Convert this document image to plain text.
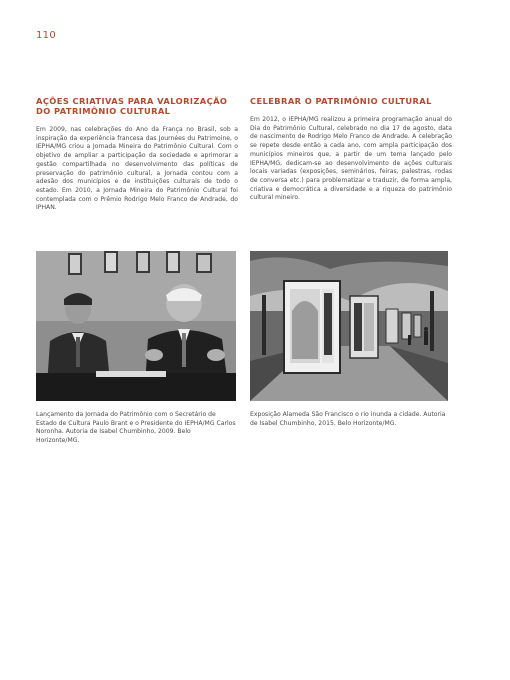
110
AÇÕES CRIATIVAS PARA VALORIZAÇÃO DO PATRIMÔNIO CULTURAL

Em 2009, nas celebrações do Ano da França no Brasil, sob a inspiração da experiência francesa das Journées du Patrimoine, o IEPHA/MG criou a Jornada Mineira do Patrimônio Cultural. Com o objetivo de ampliar a participação da sociedade e aprimorar a gestão compartilhada no desenvolvimento das políticas de preservação do patrimônio cultural, a Jornada contou com a adesão dos municípios e de instituições culturais de todo o estado. Em 2010, a Jornada Mineira do Patrimônio Cultural foi contemplada com o Prêmio Rodrigo Melo Franco de Andrade, do IPHAN.

CELEBRAR O PATRIMÔNIO CULTURAL

Em 2012, o IEPHA/MG realizou a primeira programação anual do Dia do Patrimônio Cultural, celebrado no dia 17 de agosto, data de nascimento de Rodrigo Melo Franco de Andrade. A celebração se repete desde então a cada ano, com ampla participação dos municípios mineiros que, a partir de um tema lançado pelo IEPHA/MG, dedicam-se ao desenvolvimento de ações culturais locais variadas (exposições, seminários, feiras, palestras, rodas de conversa etc.) para problematizar e traduzir, de forma ampla, criativa e democrática a diversidade e a riqueza do patrimônio cultural mineiro.

Lançamento da Jornada do Patrimônio com o Secretário de Estado de Cultura Paulo Brant e o Presidente do IEPHA/MG Carlos Noronha. Autoria de Isabel Chumbinho, 2009. Belo Horizonte/MG.

Exposição Alameda São Francisco o rio inunda a cidade. Autoria de Isabel Chumbinho, 2015. Belo Horizonte/MG.
